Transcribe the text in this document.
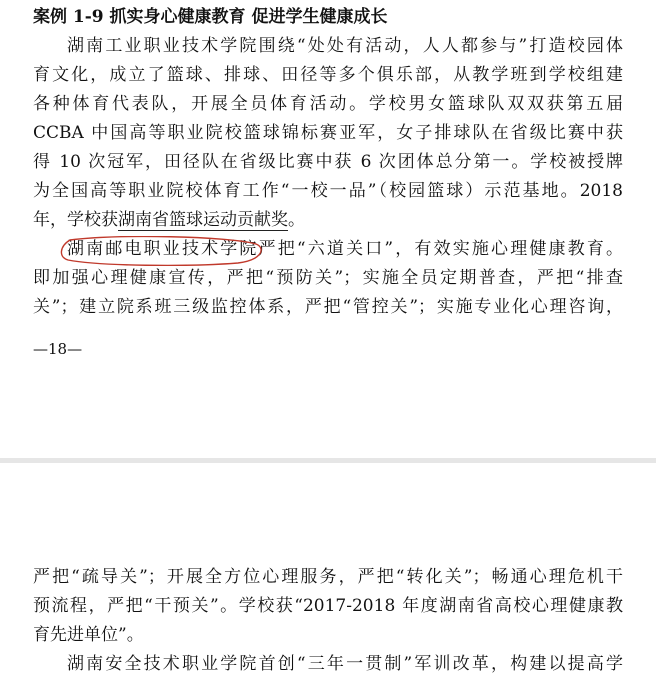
案例 1-9 抓实身心健康教育 促进学生健康成长
湖南工业职业技术学院围绕“处处有活动，人人都参与”打造校园体
育文化，成立了篮球、排球、田径等多个俱乐部，从教学班到学校组建
各种体育代表队，开展全员体育活动。学校男女篮球队双双获第五届
CCBA 中国高等职业院校篮球锦标赛亚军，女子排球队在省级比赛中获
得 10 次冠军，田径队在省级比赛中获 6 次团体总分第一。学校被授牌
为全国高等职业院校体育工作“一校一品”（校园篮球）示范基地。2018
年，学校获湖南省篮球运动贡献奖。
湖南邮电职业技术学院严把“六道关口”，有效实施心理健康教育。
即加强心理健康宣传，严把“预防关”；实施全员定期普查，严把“排查
关”；建立院系班三级监控体系，严把“管控关”；实施专业化心理咨询，
—18—
严把“疏导关”；开展全方位心理服务，严把“转化关”；畅通心理危机干
预流程，严把“干预关”。学校获“2017-2018 年度湖南省高校心理健康教
育先进单位”。
湖南安全技术职业学院首创“三年一贯制”军训改革，构建以提高学
